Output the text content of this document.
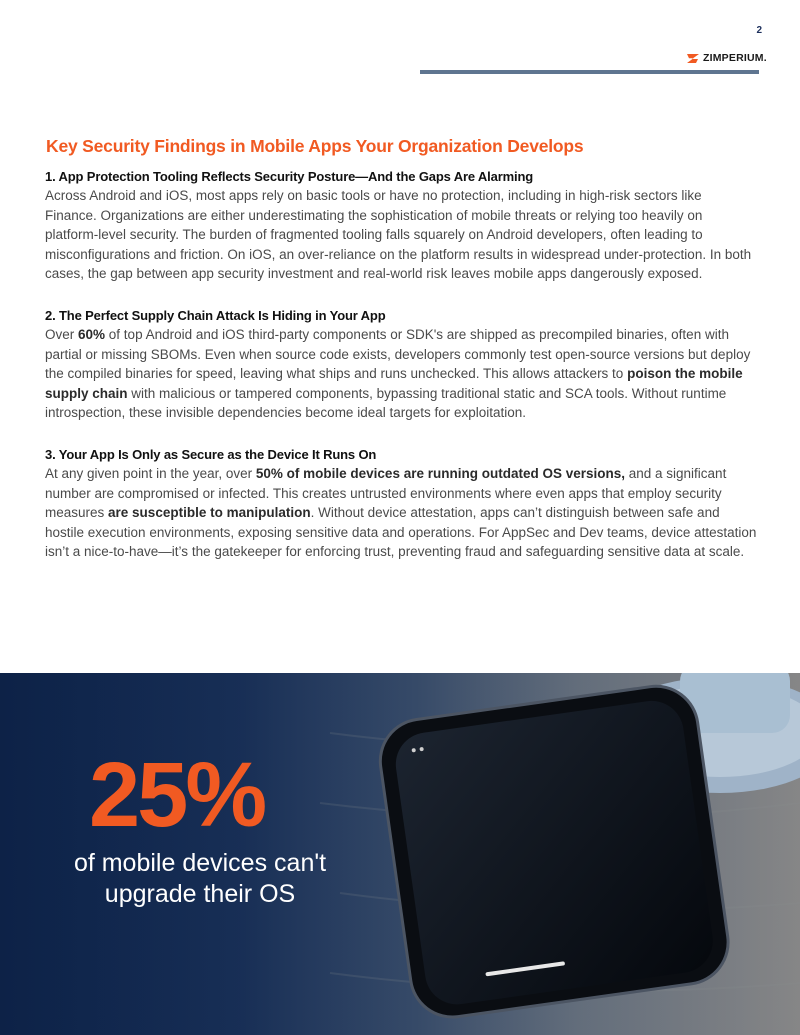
2
ZIMPERIUM.
Key Security Findings in Mobile Apps Your Organization Develops

1. App Protection Tooling Reflects Security Posture—And the Gaps Are Alarming

Across Android and iOS, most apps rely on basic tools or have no protection, including in high-risk sectors like Finance. Organizations are either underestimating the sophistication of mobile threats or relying too heavily on platform-level security. The burden of fragmented tooling falls squarely on Android developers, often leading to misconfigurations and friction. On iOS, an over-reliance on the platform results in widespread under-protection. In both cases, the gap between app security investment and real-world risk leaves mobile apps dangerously exposed.

2. The Perfect Supply Chain Attack Is Hiding in Your App

Over 60% of top Android and iOS third-party components or SDK's are shipped as precompiled binaries, often with partial or missing SBOMs. Even when source code exists, developers commonly test open-source versions but deploy the compiled binaries for speed, leaving what ships and runs unchecked. This allows attackers to poison the mobile supply chain with malicious or tampered components, bypassing traditional static and SCA tools. Without runtime introspection, these invisible dependencies become ideal targets for exploitation.

3. Your App Is Only as Secure as the Device It Runs On

At any given point in the year, over 50% of mobile devices are running outdated OS versions, and a significant number are compromised or infected. This creates untrusted environments where even apps that employ security measures are susceptible to manipulation. Without device attestation, apps can’t distinguish between safe and hostile execution environments, exposing sensitive data and operations. For AppSec and Dev teams, device attestation isn’t a nice-to-have—it’s the gatekeeper for enforcing trust, preventing fraud and safeguarding sensitive data at scale.

25%
of mobile devices can't upgrade their OS
